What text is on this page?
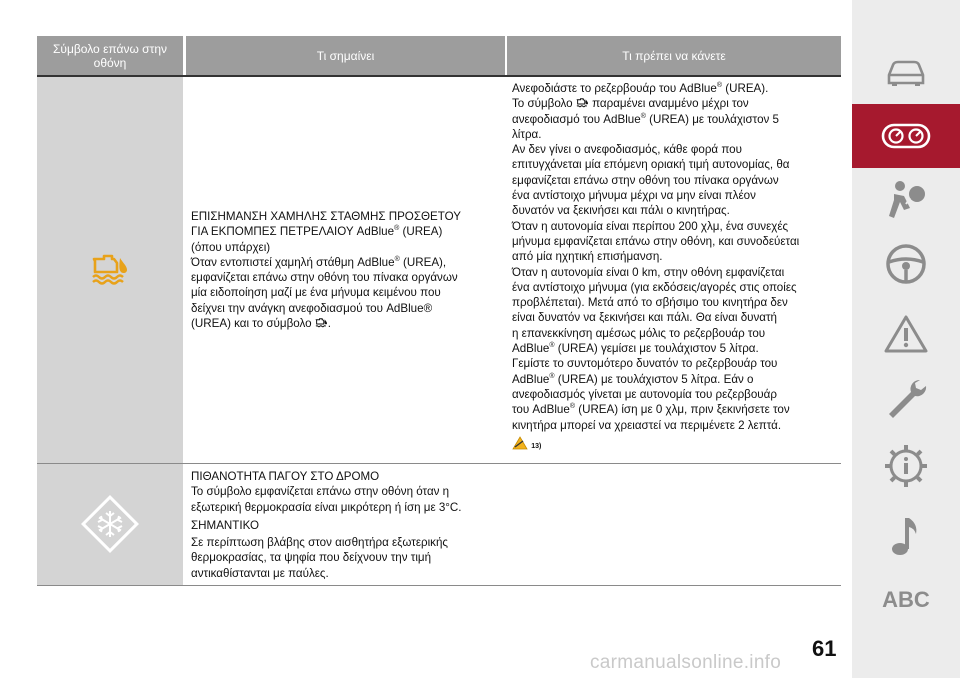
Σύμβολο επάνω στην οθόνη	Τι σημαίνει	Τι πρέπει να κάνετε

ΕΠΙΣΗΜΑΝΣΗ ΧΑΜΗΛΗΣ ΣΤΑΘΜΗΣ ΠΡΟΣΘΕΤΟΥ

ΓΙΑ ΕΚΠΟΜΠΕΣ ΠΕΤΡΕΛΑΙΟΥ AdBlue® (UREA)

(όπου υπάρχει)

Όταν εντοπιστεί χαμηλή στάθμη AdBlue® (UREA),

εμφανίζεται επάνω στην οθόνη του πίνακα οργάνων

μία ειδοποίηση μαζί με ένα μήνυμα κειμένου που

δείχνει την ανάγκη ανεφοδιασμού του AdBlue®

(UREA) και το σύμβολο .

Ανεφοδιάστε το ρεζερβουάρ του AdBlue® (UREA).

Το σύμβολο παραμένει αναμμένο μέχρι τον

ανεφοδιασμό του AdBlue® (UREA) με τουλάχιστον 5

λίτρα.

Αν δεν γίνει ο ανεφοδιασμός, κάθε φορά που

επιτυγχάνεται μία επόμενη οριακή τιμή αυτονομίας, θα

εμφανίζεται επάνω στην οθόνη του πίνακα οργάνων

ένα αντίστοιχο μήνυμα μέχρι να μην είναι πλέον

δυνατόν να ξεκινήσει και πάλι ο κινητήρας.

Όταν η αυτονομία είναι περίπου 200 χλμ, ένα συνεχές

μήνυμα εμφανίζεται επάνω στην οθόνη, και συνοδεύεται

από μία ηχητική επισήμανση.

Όταν η αυτονομία είναι 0 km, στην οθόνη εμφανίζεται

ένα αντίστοιχο μήνυμα (για εκδόσεις/αγορές στις οποίες

προβλέπεται). Μετά από το σβήσιμο του κινητήρα δεν

είναι δυνατόν να ξεκινήσει και πάλι. Θα είναι δυνατή

η επανεκκίνηση αμέσως μόλις το ρεζερβουάρ του

AdBlue® (UREA) γεμίσει με τουλάχιστον 5 λίτρα.

Γεμίστε το συντομότερο δυνατόν το ρεζερβουάρ του

AdBlue® (UREA) με τουλάχιστον 5 λίτρα. Εάν ο

ανεφοδιασμός γίνεται με αυτονομία του ρεζερβουάρ

του AdBlue® (UREA) ίση με 0 χλμ, πριν ξεκινήσετε τον

κινητήρα μπορεί να χρειαστεί να περιμένετε 2 λεπτά.

13)

ΠΙΘΑΝΟΤΗΤΑ ΠΑΓΟΥ ΣΤΟ ΔΡΟΜΟ

Το σύμβολο εμφανίζεται επάνω στην οθόνη όταν η

εξωτερική θερμοκρασία είναι μικρότερη ή ίση με 3°C.

ΣΗΜΑΝΤΙΚΟ

Σε περίπτωση βλάβης στον αισθητήρα εξωτερικής

θερμοκρασίας, τα ψηφία που δείχνουν την τιμή

αντικαθίστανται με παύλες.

ABC
61
carmanualsonline.info
